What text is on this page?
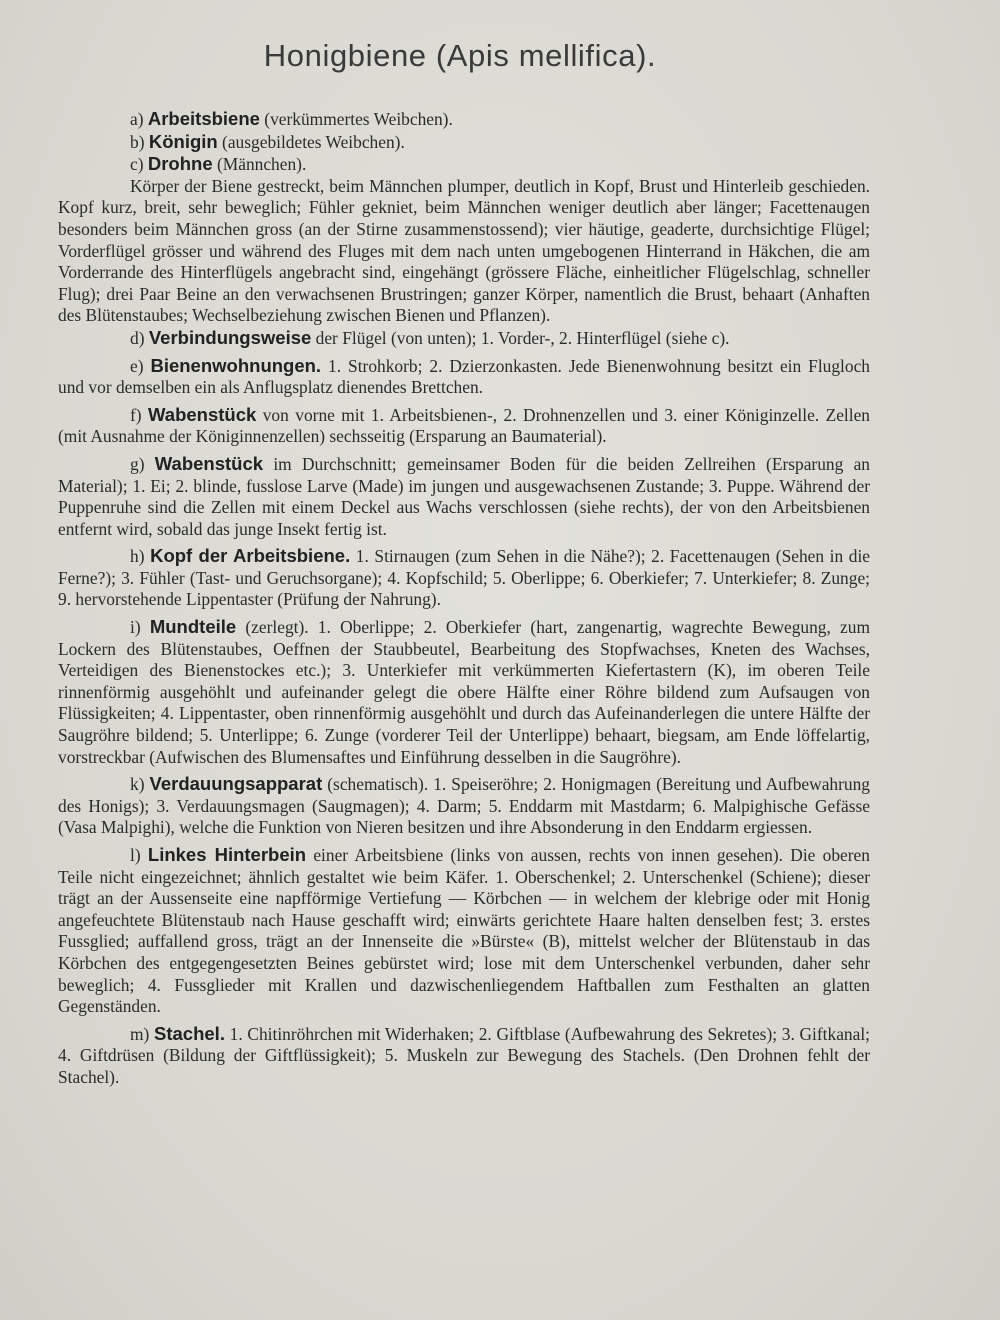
Honigbiene (Apis mellifica).

a) Arbeitsbiene (verkümmertes Weibchen).

b) Königin (ausgebildetes Weibchen).

c) Drohne (Männchen).

Körper der Biene gestreckt, beim Männchen plumper, deutlich in Kopf, Brust und Hinterleib geschieden. Kopf kurz, breit, sehr beweglich; Fühler gekniet, beim Männchen weniger deutlich aber länger; Facettenaugen besonders beim Männchen gross (an der Stirne zusammenstossend); vier häutige, geaderte, durchsichtige Flügel; Vorderflügel grösser und während des Fluges mit dem nach unten umgebogenen Hinterrand in Häkchen, die am Vorderrande des Hinterflügels angebracht sind, eingehängt (grössere Fläche, einheitlicher Flügelschlag, schneller Flug); drei Paar Beine an den verwachsenen Brustringen; ganzer Körper, namentlich die Brust, behaart (Anhaften des Blütenstaubes; Wechselbeziehung zwischen Bienen und Pflanzen).

d) Verbindungsweise der Flügel (von unten); 1. Vorder-, 2. Hinterflügel (siehe c).

e) Bienenwohnungen. 1. Strohkorb; 2. Dzierzonkasten. Jede Bienenwohnung besitzt ein Flugloch und vor demselben ein als Anflugsplatz dienendes Brettchen.

f) Wabenstück von vorne mit 1. Arbeitsbienen-, 2. Drohnenzellen und 3. einer Königinzelle. Zellen (mit Ausnahme der Königinnenzellen) sechsseitig (Ersparung an Baumaterial).

g) Wabenstück im Durchschnitt; gemeinsamer Boden für die beiden Zellreihen (Ersparung an Material); 1. Ei; 2. blinde, fusslose Larve (Made) im jungen und ausgewachsenen Zustande; 3. Puppe. Während der Puppenruhe sind die Zellen mit einem Deckel aus Wachs verschlossen (siehe rechts), der von den Arbeitsbienen entfernt wird, sobald das junge Insekt fertig ist.

h) Kopf der Arbeitsbiene. 1. Stirnaugen (zum Sehen in die Nähe?); 2. Facettenaugen (Sehen in die Ferne?); 3. Fühler (Tast- und Geruchsorgane); 4. Kopfschild; 5. Oberlippe; 6. Oberkiefer; 7. Unterkiefer; 8. Zunge; 9. hervorstehende Lippentaster (Prüfung der Nahrung).

i) Mundteile (zerlegt). 1. Oberlippe; 2. Oberkiefer (hart, zangenartig, wagrechte Bewegung, zum Lockern des Blütenstaubes, Oeffnen der Staubbeutel, Bearbeitung des Stopfwachses, Kneten des Wachses, Verteidigen des Bienenstockes etc.); 3. Unterkiefer mit verkümmerten Kiefertastern (K), im oberen Teile rinnenförmig ausgehöhlt und aufeinander gelegt die obere Hälfte einer Röhre bildend zum Aufsaugen von Flüssigkeiten; 4. Lippentaster, oben rinnenförmig ausgehöhlt und durch das Aufeinanderlegen die untere Hälfte der Saugröhre bildend; 5. Unterlippe; 6. Zunge (vorderer Teil der Unterlippe) behaart, biegsam, am Ende löffelartig, vorstreckbar (Aufwischen des Blumensaftes und Einführung desselben in die Saugröhre).

k) Verdauungsapparat (schematisch). 1. Speiseröhre; 2. Honigmagen (Bereitung und Aufbewahrung des Honigs); 3. Verdauungsmagen (Saugmagen); 4. Darm; 5. Enddarm mit Mastdarm; 6. Malpighische Gefässe (Vasa Malpighi), welche die Funktion von Nieren besitzen und ihre Absonderung in den Enddarm ergiessen.

l) Linkes Hinterbein einer Arbeitsbiene (links von aussen, rechts von innen gesehen). Die oberen Teile nicht eingezeichnet; ähnlich gestaltet wie beim Käfer. 1. Oberschenkel; 2. Unterschenkel (Schiene); dieser trägt an der Aussenseite eine napfförmige Vertiefung — Körbchen — in welchem der klebrige oder mit Honig angefeuchtete Blütenstaub nach Hause geschafft wird; einwärts gerichtete Haare halten denselben fest; 3. erstes Fussglied; auffallend gross, trägt an der Innenseite die »Bürste« (B), mittelst welcher der Blütenstaub in das Körbchen des entgegengesetzten Beines gebürstet wird; lose mit dem Unterschenkel verbunden, daher sehr beweglich; 4. Fussglieder mit Krallen und dazwischenliegendem Haftballen zum Festhalten an glatten Gegenständen.

m) Stachel. 1. Chitinröhrchen mit Widerhaken; 2. Giftblase (Aufbewahrung des Sekretes); 3. Giftkanal; 4. Giftdrüsen (Bildung der Giftflüssigkeit); 5. Muskeln zur Bewegung des Stachels. (Den Drohnen fehlt der Stachel).
